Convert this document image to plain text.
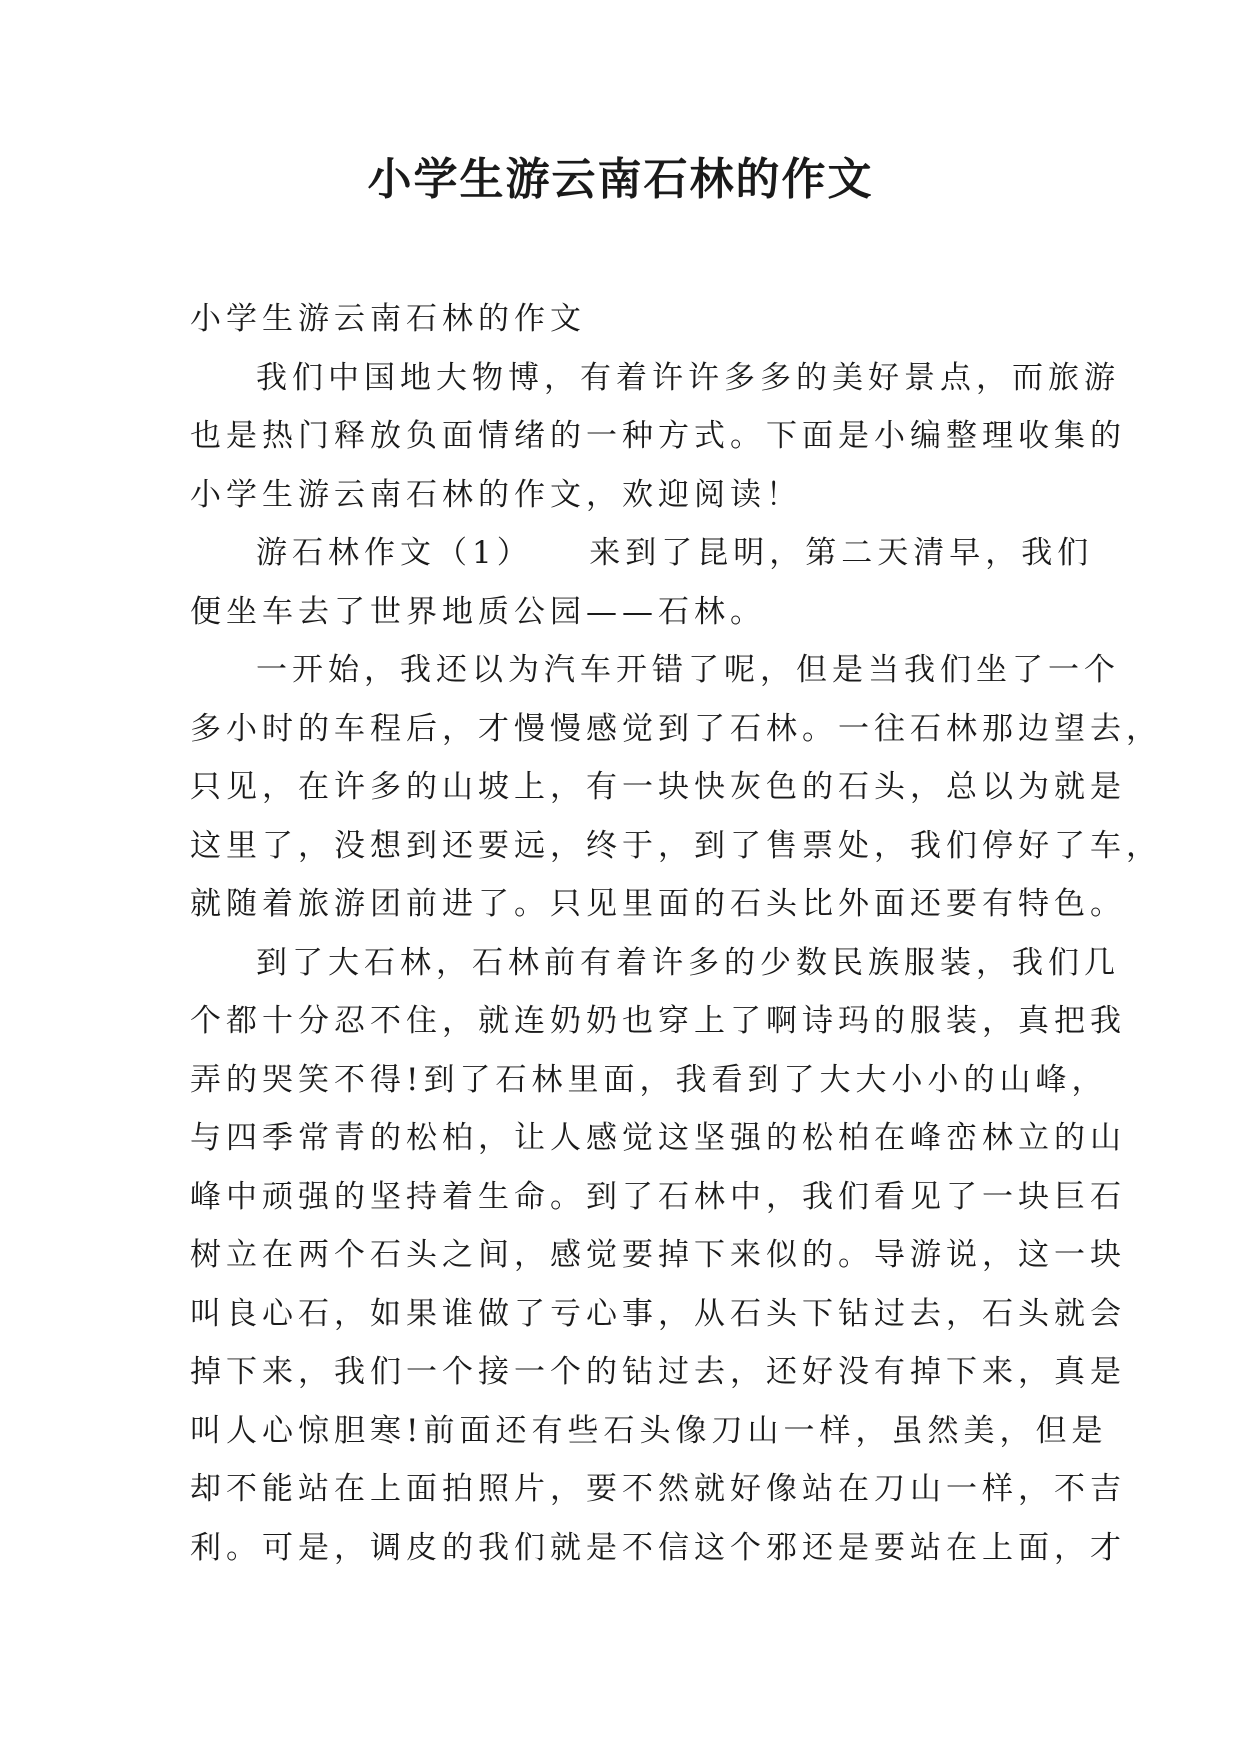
小学生游云南石林的作文
小学生游云南石林的作文
我们中国地大物博，有着许许多多的美好景点，而旅游
也是热门释放负面情绪的一种方式。下面是小编整理收集的
小学生游云南石林的作文，欢迎阅读！
游石林作文（1）　　来到了昆明，第二天清早，我们
便坐车去了世界地质公园——石林。
一开始，我还以为汽车开错了呢，但是当我们坐了一个
多小时的车程后，才慢慢感觉到了石林。一往石林那边望去，
只见，在许多的山坡上，有一块快灰色的石头，总以为就是
这里了，没想到还要远，终于，到了售票处，我们停好了车，
就随着旅游团前进了。只见里面的石头比外面还要有特色。
到了大石林，石林前有着许多的少数民族服装，我们几
个都十分忍不住，就连奶奶也穿上了啊诗玛的服装，真把我
弄的哭笑不得!到了石林里面，我看到了大大小小的山峰，
与四季常青的松柏，让人感觉这坚强的松柏在峰峦林立的山
峰中顽强的坚持着生命。到了石林中，我们看见了一块巨石
树立在两个石头之间，感觉要掉下来似的。导游说，这一块
叫良心石，如果谁做了亏心事，从石头下钻过去，石头就会
掉下来，我们一个接一个的钻过去，还好没有掉下来，真是
叫人心惊胆寒!前面还有些石头像刀山一样，虽然美，但是
却不能站在上面拍照片，要不然就好像站在刀山一样，不吉
利。可是，调皮的我们就是不信这个邪还是要站在上面，才
